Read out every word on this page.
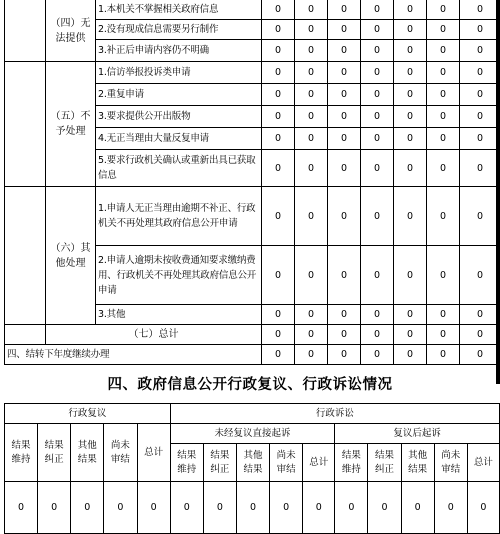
	（四）无法提供	1.本机关不掌握相关政府信息	0	0	0	0	0	0	0
		2.没有现成信息需要另行制作	0	0	0	0	0	0	0
		3.补正后申请内容仍不明确	0	0	0	0	0	0	0
	（五）不予处理	1.信访举报投诉类申请	0	0	0	0	0	0	0
		2.重复申请	0	0	0	0	0	0	0
		3.要求提供公开出版物	0	0	0	0	0	0	0
		4.无正当理由大量反复申请	0	0	0	0	0	0	0
		5.要求行政机关确认或重新出具已获取信息	0	0	0	0	0	0	0
	（六）其他处理	1.申请人无正当理由逾期不补正、行政机关不再处理其政府信息公开申请	0	0	0	0	0	0	0
		2.申请人逾期未按收费通知要求缴纳费用、行政机关不再处理其政府信息公开申请	0	0	0	0	0	0	0
		3.其他	0	0	0	0	0	0	0
	（七）总计		0	0	0	0	0	0	0
四、结转下年度继续办理			0	0	0	0	0	0	0
四、政府信息公开行政复议、行政诉讼情况
行政复议					行政诉讼									
结果维持	结果纠正	其他结果	尚未审结	总计	未经复议直接起诉					复议后起诉				
					结果维持	结果纠正	其他结果	尚未审结	总计	结果维持	结果纠正	其他结果	尚未审结	总计
0	0	0	0	0	0	0	0	0	0	0	0	0	0	0
